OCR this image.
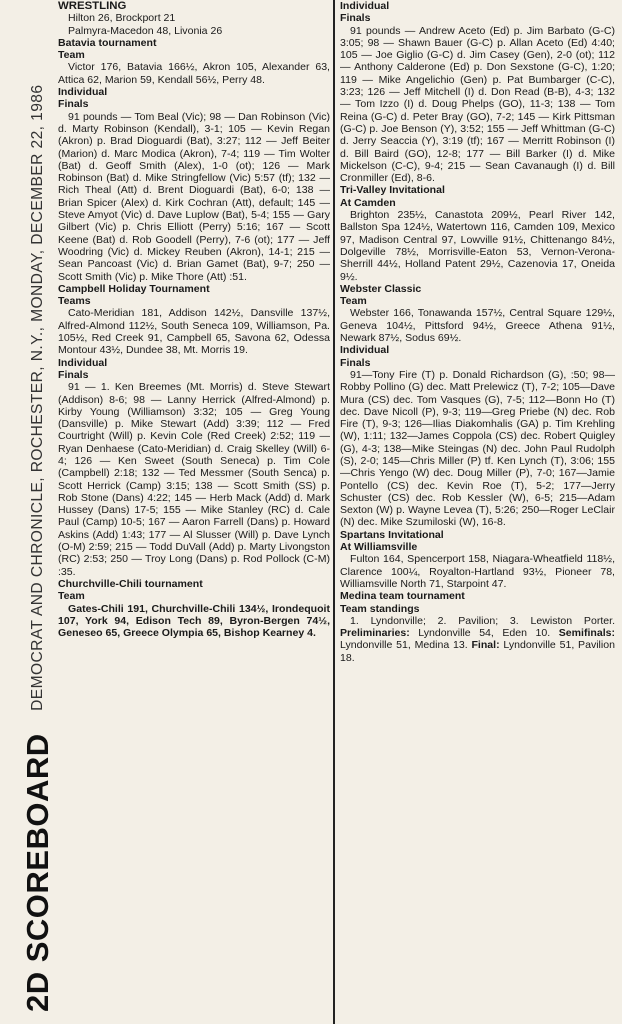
2D SCOREBOARD DEMOCRAT AND CHRONICLE, ROCHESTER, N.Y., MONDAY, DECEMBER 22, 1986
WRESTLING
Hilton 26, Brockport 21
Palmyra-Macedon 48, Livonia 26
Batavia tournament
Team

Victor 176, Batavia 166½, Akron 105, Alexander 63, Attica 62, Marion 59, Kendall 56½, Perry 48.

Individual
Finals

91 pounds — Tom Beal (Vic); 98 — Dan Robinson (Vic) d. Marty Robinson (Kendall), 3-1; 105 — Kevin Regan (Akron) p. Brad Dioguardi (Bat), 3:27; 112 — Jeff Beiter (Marion) d. Marc Modica (Akron), 7-4; 119 — Tim Wolter (Bat) d. Geoff Smith (Alex), 1-0 (ot); 126 — Mark Robinson (Bat) d. Mike Stringfellow (Vic) 5:57 (tf); 132 — Rich Theal (Att) d. Brent Dioguardi (Bat), 6-0; 138 — Brian Spicer (Alex) d. Kirk Cochran (Att), default; 145 — Steve Amyot (Vic) d. Dave Luplow (Bat), 5-4; 155 — Gary Gilbert (Vic) p. Chris Elliott (Perry) 5:16; 167 — Scott Keene (Bat) d. Rob Goodell (Perry), 7-6 (ot); 177 — Jeff Woodring (Vic) d. Mickey Reuben (Akron), 14-1; 215 — Sean Pancoast (Vic) d. Brian Gamet (Bat), 9-7; 250 — Scott Smith (Vic) p. Mike Thore (Att) :51.

Campbell Holiday Tournament
Teams

Cato-Meridian 181, Addison 142½, Dansville 137½, Alfred-Almond 112½, South Seneca 109, Williamson, Pa. 105½, Red Creek 91, Campbell 65, Savona 62, Odessa Montour 43½, Dundee 38, Mt. Morris 19.

Individual
Finals

91 — 1. Ken Breemes (Mt. Morris) d. Steve Stewart (Addison) 8-6; 98 — Lanny Herrick (Alfred-Almond) p. Kirby Young (Williamson) 3:32; 105 — Greg Young (Dansville) p. Mike Stewart (Add) 3:39; 112 — Fred Courtright (Will) p. Kevin Cole (Red Creek) 2:52; 119 — Ryan Denhaese (Cato-Meridian) d. Craig Skelley (Will) 6-4; 126 — Ken Sweet (South Seneca) p. Tim Cole (Campbell) 2:18; 132 — Ted Messmer (South Senca) p. Scott Herrick (Camp) 3:15; 138 — Scott Smith (SS) p. Rob Stone (Dans) 4:22; 145 — Herb Mack (Add) d. Mark Hussey (Dans) 17-5; 155 — Mike Stanley (RC) d. Cale Paul (Camp) 10-5; 167 — Aaron Farrell (Dans) p. Howard Askins (Add) 1:43; 177 — Al Slusser (Will) p. Dave Lynch (O-M) 2:59; 215 — Todd DuVall (Add) p. Marty Livongston (RC) 2:53; 250 — Troy Long (Dans) p. Rod Pollock (C-M) :35.

Churchville-Chili tournament
Team

Gates-Chili 191, Churchville-Chili 134½, Irondequoit 107, York 94, Edison Tech 89, Byron-Bergen 74½, Geneseo 65, Greece Olympia 65, Bishop Kearney 4.

Individual
Finals

91 pounds — Andrew Aceto (Ed) p. Jim Barbato (G-C) 3:05; 98 — Shawn Bauer (G-C) p. Allan Aceto (Ed) 4:40; 105 — Joe Giglio (G-C) d. Jim Casey (Gen), 2-0 (ot); 112 — Anthony Calderone (Ed) p. Don Sexstone (G-C), 1:20; 119 — Mike Angelichio (Gen) p. Pat Bumbarger (C-C), 3:23; 126 — Jeff Mitchell (I) d. Don Read (B-B), 4-3; 132 — Tom Izzo (I) d. Doug Phelps (GO), 11-3; 138 — Tom Reina (G-C) d. Peter Bray (GO), 7-2; 145 — Kirk Pittsman (G-C) p. Joe Benson (Y), 3:52; 155 — Jeff Whittman (G-C) d. Jerry Seaccia (Y), 3:19 (tf); 167 — Merritt Robinson (I) d. Bill Baird (GO), 12-8; 177 — Bill Barker (I) d. Mike Mickelson (C-C), 9-4; 215 — Sean Cavanaugh (I) d. Bill Cronmiller (Ed), 8-6.

Tri-Valley Invitational
At Camden

Brighton 235½, Canastota 209½, Pearl River 142, Ballston Spa 124½, Watertown 116, Camden 109, Mexico 97, Madison Central 97, Lowville 91½, Chittenango 84½, Dolgeville 78½, Morrisville-Eaton 53, Vernon-Verona-Sherrill 44½, Holland Patent 29½, Cazenovia 17, Oneida 9½.

Webster Classic
Team

Webster 166, Tonawanda 157½, Central Square 129½, Geneva 104½, Pittsford 94½, Greece Athena 91½, Newark 87½, Sodus 69½.

Individual
Finals

91—Tony Fire (T) p. Donald Richardson (G), :50; 98—Robby Pollino (G) dec. Matt Prelewicz (T), 7-2; 105—Dave Mura (CS) dec. Tom Vasques (G), 7-5; 112—Bonn Ho (T) dec. Dave Nicoll (P), 9-3; 119—Greg Priebe (N) dec. Rob Fire (T), 9-3; 126—Ilias Diakomhalis (GA) p. Tim Krehling (W), 1:11; 132—James Coppola (CS) dec. Robert Quigley (G), 4-3; 138—Mike Steingas (N) dec. John Paul Rudolph (S), 2-0; 145—Chris Miller (P) tf. Ken Lynch (T), 3:06; 155—Chris Yengo (W) dec. Doug Miller (P), 7-0; 167—Jamie Pontello (CS) dec. Kevin Roe (T), 5-2; 177—Jerry Schuster (CS) dec. Rob Kessler (W), 6-5; 215—Adam Sexton (W) p. Wayne Levea (T), 5:26; 250—Roger LeClair (N) dec. Mike Szumiloski (W), 16-8.

Spartans Invitational
At Williamsville

Fulton 164, Spencerport 158, Niagara-Wheatfield 118½, Clarence 100¼, Royalton-Hartland 93½, Pioneer 78, Williamsville North 71, Starpoint 47.

Medina team tournament
Team standings

1. Lyndonville; 2. Pavilion; 3. Lewiston Porter. Preliminaries: Lyndonville 54, Eden 10. Semifinals: Lyndonville 51, Medina 13. Final: Lyndonville 51, Pavilion 18.
